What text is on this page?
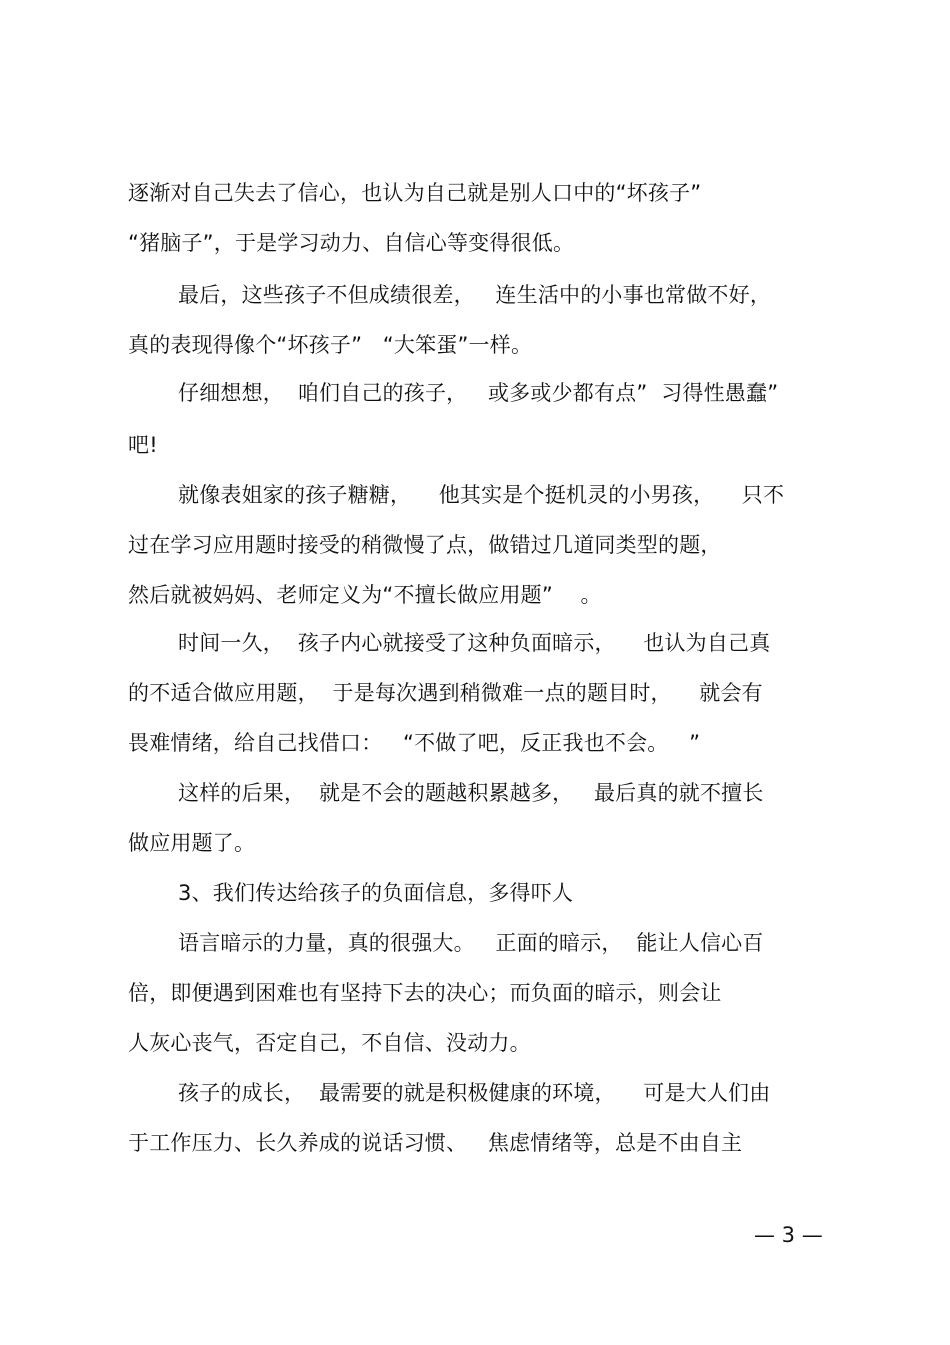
逐渐对自己失去了信心，也认为自己就是别人口中的“坏孩子”
“猪脑子”，于是学习动力、自信心等变得很低。
最后，这些孩子不但成绩很差，   连生活中的小事也常做不好，
真的表现得像个“坏孩子”   “大笨蛋”一样。
仔细想想，  咱们自己的孩子，   或多或少都有点”  习得性愚蠢”
吧!
就像表姐家的孩子糖糖，    他其实是个挺机灵的小男孩，    只不
过在学习应用题时接受的稍微慢了点，做错过几道同类型的题，
然后就被妈妈、老师定义为“不擅长做应用题”    。
时间一久，  孩子内心就接受了这种负面暗示，    也认为自己真
的不适合做应用题，  于是每次遇到稍微难一点的题目时，    就会有
畏难情绪，给自己找借口：   “不做了吧，反正我也不会。   ”
这样的后果，  就是不会的题越积累越多，   最后真的就不擅长
做应用题了。
3、我们传达给孩子的负面信息，多得吓人
语言暗示的力量，真的很强大。   正面的暗示，  能让人信心百
倍，即便遇到困难也有坚持下去的决心；而负面的暗示，则会让
人灰心丧气，否定自己，不自信、没动力。
孩子的成长，  最需要的就是积极健康的环境，    可是大人们由
于工作压力、长久养成的说话习惯、   焦虑情绪等，总是不由自主
— 3 —
